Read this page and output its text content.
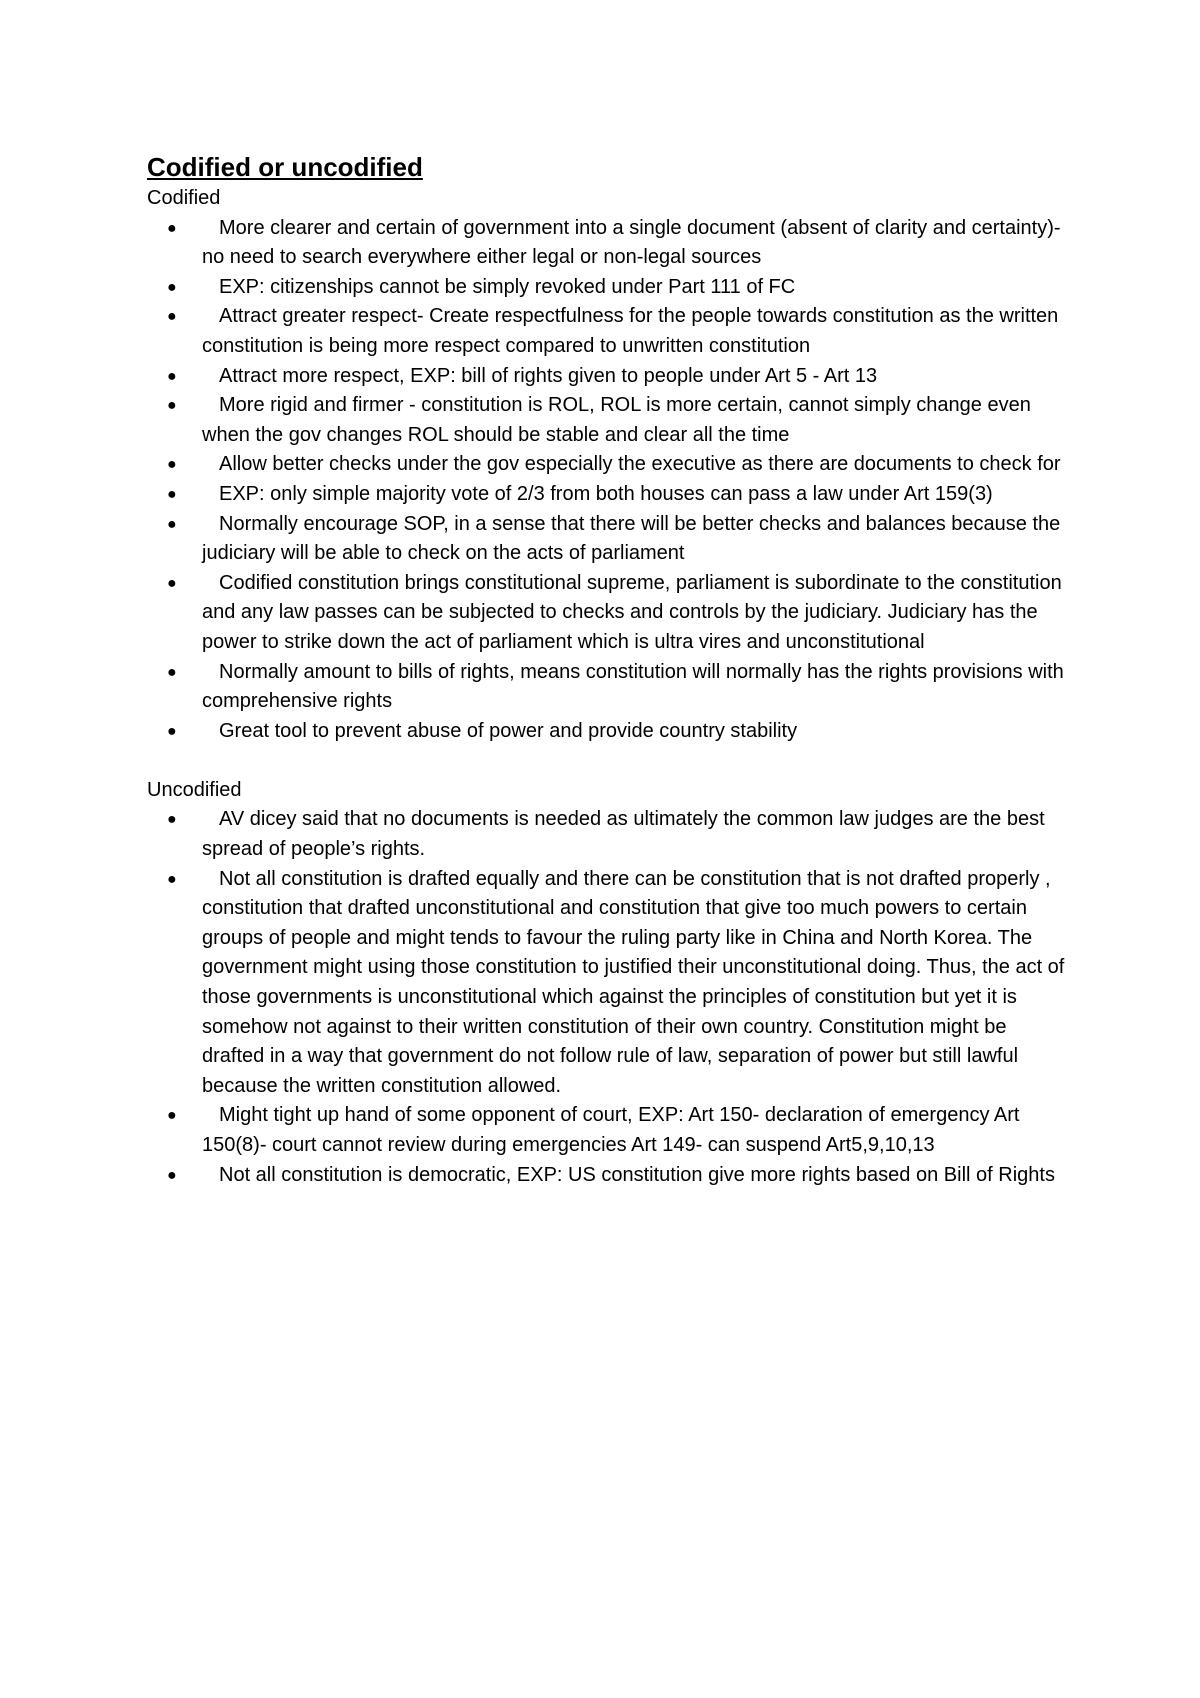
Codified or uncodified
Codified
● More clearer and certain of government into a single document (absent of clarity and certainty)- no need to search everywhere either legal or non-legal sources
● EXP: citizenships cannot be simply revoked under Part 111 of FC
● Attract greater respect- Create respectfulness for the people towards constitution as the written constitution is being more respect compared to unwritten constitution
● Attract more respect, EXP: bill of rights given to people under Art 5 - Art 13
● More rigid and firmer - constitution is ROL, ROL is more certain, cannot simply change even when the gov changes ROL should be stable and clear all the time
● Allow better checks under the gov especially the executive as there are documents to check for
● EXP: only simple majority vote of 2/3 from both houses can pass a law under Art 159(3)
● Normally encourage SOP, in a sense that there will be better checks and balances because the judiciary will be able to check on the acts of parliament
● Codified constitution brings constitutional supreme, parliament is subordinate to the constitution and any law passes can be subjected to checks and controls by the judiciary. Judiciary has the power to strike down the act of parliament which is ultra vires and unconstitutional
● Normally amount to bills of rights, means constitution will normally has the rights provisions with comprehensive rights
● Great tool to prevent abuse of power and provide country stability
Uncodified
● AV dicey said that no documents is needed as ultimately the common law judges are the best spread of people’s rights.
● Not all constitution is drafted equally and there can be constitution that is not drafted properly , constitution that drafted unconstitutional and constitution that give too much powers to certain groups of people and might tends to favour the ruling party like in China and North Korea. The government might using those constitution to justified their unconstitutional doing. Thus, the act of those governments is unconstitutional which against the principles of constitution but yet it is somehow not against to their written constitution of their own country. Constitution might be drafted in a way that government do not follow rule of law, separation of power but still lawful because the written constitution allowed.
● Might tight up hand of some opponent of court, EXP: Art 150- declaration of emergency Art 150(8)- court cannot review during emergencies Art 149- can suspend Art5,9,10,13
● Not all constitution is democratic, EXP: US constitution give more rights based on Bill of Rights
